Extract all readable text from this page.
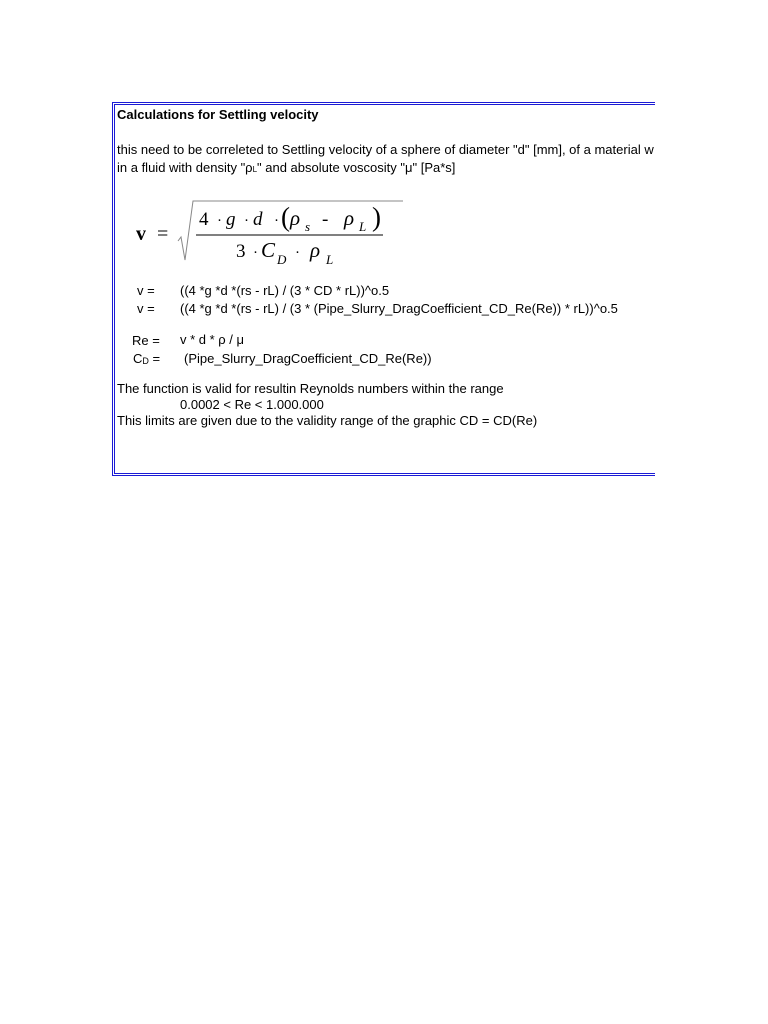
Calculations for Settling velocity
this need to be correleted to Settling velocity of a sphere of diameter "d" [mm], of a material w
in a fluid with density "ρL" and absolute voscosity "μ" [Pa*s]
v =
4 · g · d · ( ρ s - ρ L )
3 · C D · ρ L
v = ((4 *g *d *(rs - rL) / (3 * CD * rL))^o.5
v = ((4 *g *d *(rs - rL) / (3 * (Pipe_Slurry_DragCoefficient_CD_Re(Re)) * rL))^o.5
Re = v * d * ρ / μ
CD = (Pipe_Slurry_DragCoefficient_CD_Re(Re))
The function is valid for resultin Reynolds numbers within the range
0.0002 < Re < 1.000.000
This limits are given due to the validity range of the graphic CD = CD(Re)
